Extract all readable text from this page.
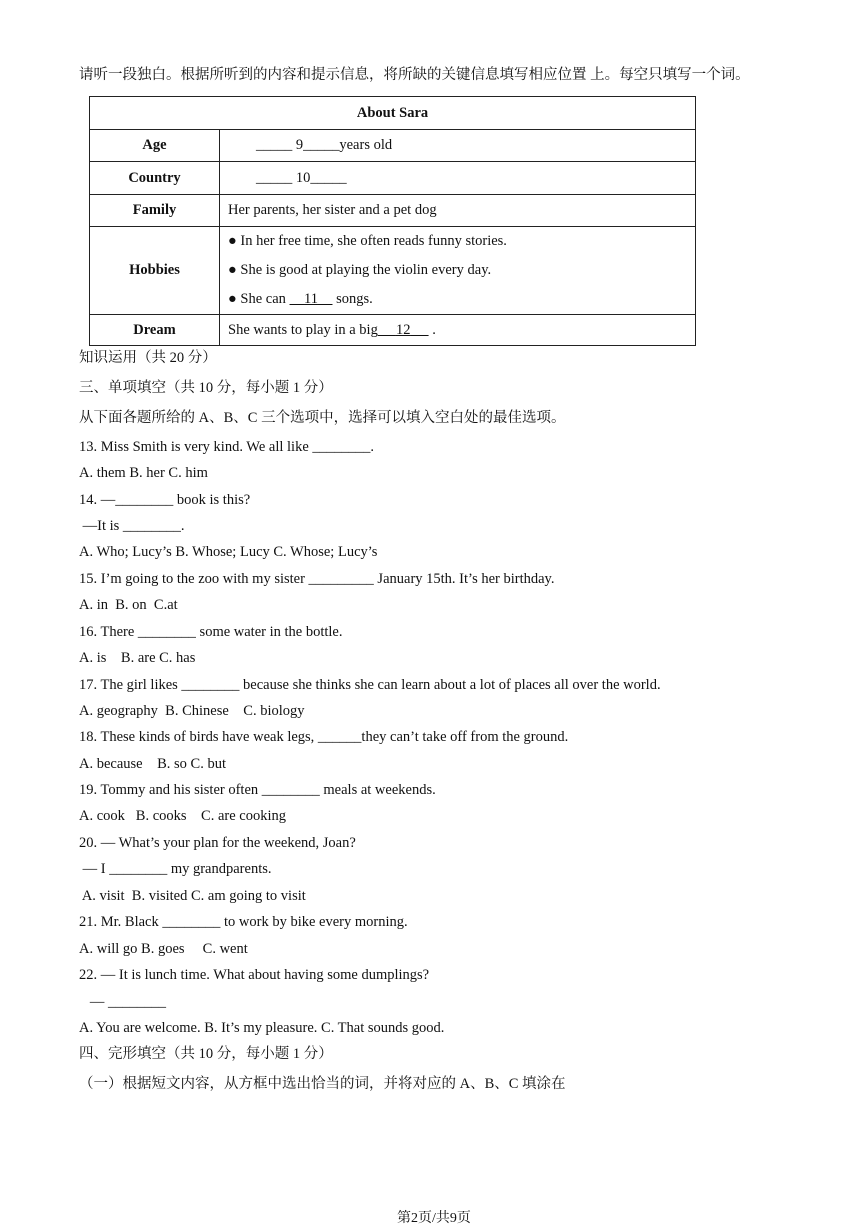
请听一段独白。根据所听到的内容和提示信息，将所缺的关键信息填写相应位置 上。每空只填写一个词。
About Sara	
Age	_____ 9_____years old
Country	_____ 10_____
Family	Her parents, her sister and a pet dog
Hobbies	● In her free time, she often reads funny stories.
● She is good at playing the violin every day.
● She can     11     songs.

Dream	She wants to play in a big 12      .
知识运用（共 20 分）
三、单项填空（共 10 分，每小题 1 分）
从下面各题所给的 A、B、C 三个选项中，选择可以填入空白处的最佳选项。
13. Miss Smith is very kind. We all like ________.
A. them B. her C. him
14. —________ book is this?
—It is ________.
A. Who; Lucy’s B. Whose; Lucy C. Whose; Lucy’s
15. I’m going to the zoo with my sister _________ January 15th. It’s her birthday.
A. in  B. on  C.at
16. There ________ some water in the bottle.
A. is    B. are C. has
17. The girl likes ________ because she thinks she can learn about a lot of places all over the world.
A. geography  B. Chinese    C. biology
18. These kinds of birds have weak legs, ______they can’t take off from the ground.
A. because    B. so C. but
19. Tommy and his sister often ________ meals at weekends.
A. cook   B. cooks    C. are cooking
20. — What’s your plan for the weekend, Joan?
— I ________ my grandparents.
A. visit  B. visited C. am going to visit
21. Mr. Black ________ to work by bike every morning.
A. will go B. goes     C. went
22. — It is lunch time. What about having some dumplings?
— ________
A. You are welcome. B. It’s my pleasure. C. That sounds good.
四、完形填空（共 10 分，每小题 1 分）
（一）根据短文内容，从方框中选出恰当的词，并将对应的 A、B、C 填涂在
第2页/共9页
